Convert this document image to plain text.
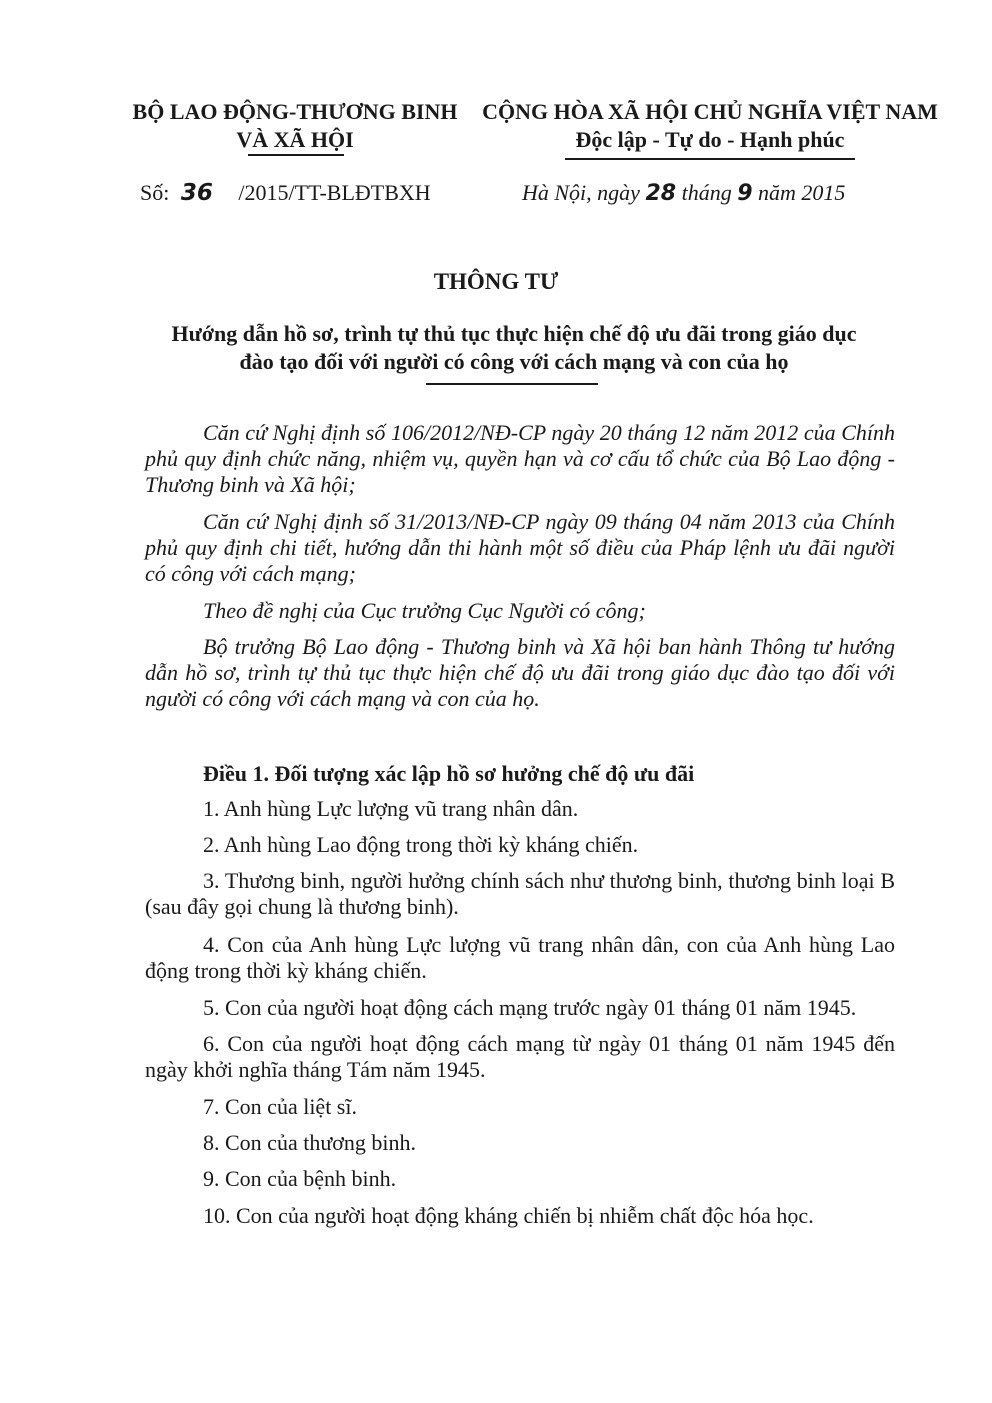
BỘ LAO ĐỘNG-THƯƠNG BINH
VÀ XÃ HỘI
CỘNG HÒA XÃ HỘI CHỦ NGHĨA VIỆT NAM
Độc lập - Tự do - Hạnh phúc
Số: 36 /2015/TT-BLĐTBXH	Hà Nội, ngày 28 tháng 9 năm 2015
THÔNG TƯ
Hướng dẫn hồ sơ, trình tự thủ tục thực hiện chế độ ưu đãi trong giáo dục
đào tạo đối với người có công với cách mạng và con của họ
Căn cứ Nghị định số 106/2012/NĐ-CP ngày 20 tháng 12 năm 2012 của Chính phủ quy định chức năng, nhiệm vụ, quyền hạn và cơ cấu tổ chức của Bộ Lao động - Thương binh và Xã hội;
Căn cứ Nghị định số 31/2013/NĐ-CP ngày 09 tháng 04 năm 2013 của Chính phủ quy định chi tiết, hướng dẫn thi hành một số điều của Pháp lệnh ưu đãi người có công với cách mạng;
Theo đề nghị của Cục trưởng Cục Người có công;
Bộ trưởng Bộ Lao động - Thương binh và Xã hội ban hành Thông tư hướng dẫn hồ sơ, trình tự thủ tục thực hiện chế độ ưu đãi trong giáo dục đào tạo đối với người có công với cách mạng và con của họ.
Điều 1. Đối tượng xác lập hồ sơ hưởng chế độ ưu đãi
1. Anh hùng Lực lượng vũ trang nhân dân.
2. Anh hùng Lao động trong thời kỳ kháng chiến.
3. Thương binh, người hưởng chính sách như thương binh, thương binh loại B (sau đây gọi chung là thương binh).
4. Con của Anh hùng Lực lượng vũ trang nhân dân, con của Anh hùng Lao động trong thời kỳ kháng chiến.
5. Con của người hoạt động cách mạng trước ngày 01 tháng 01 năm 1945.
6. Con của người hoạt động cách mạng từ ngày 01 tháng 01 năm 1945 đến ngày khởi nghĩa tháng Tám năm 1945.
7. Con của liệt sĩ.
8. Con của thương binh.
9. Con của bệnh binh.
10. Con của người hoạt động kháng chiến bị nhiễm chất độc hóa học.
